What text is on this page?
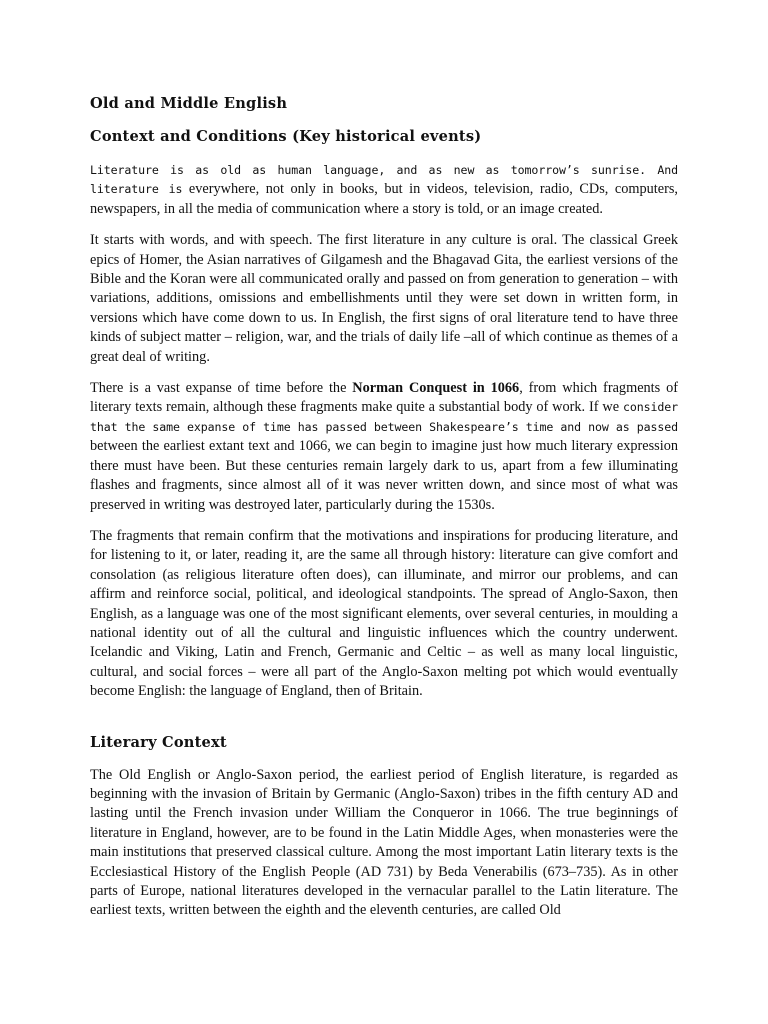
Old and Middle English
Context and Conditions (Key historical events)

Literature is as old as human language, and as new as tomorrow’s sunrise. And literature is everywhere, not only in books, but in videos, television, radio, CDs, computers, newspapers, in all the media of communication where a story is told, or an image created.

It starts with words, and with speech. The first literature in any culture is oral. The classical Greek epics of Homer, the Asian narratives of Gilgamesh and the Bhagavad Gita, the earliest versions of the Bible and the Koran were all communicated orally and passed on from generation to generation – with variations, additions, omissions and embellishments until they were set down in written form, in versions which have come down to us. In English, the first signs of oral literature tend to have three kinds of subject matter – religion, war, and the trials of daily life –all of which continue as themes of a great deal of writing.

There is a vast expanse of time before the Norman Conquest in 1066, from which fragments of literary texts remain, although these fragments make quite a substantial body of work. If we consider that the same expanse of time has passed between Shakespeare’s time and now as passed between the earliest extant text and 1066, we can begin to imagine just how much literary expression there must have been. But these centuries remain largely dark to us, apart from a few illuminating flashes and fragments, since almost all of it was never written down, and since most of what was preserved in writing was destroyed later, particularly during the 1530s.

The fragments that remain confirm that the motivations and inspirations for producing literature, and for listening to it, or later, reading it, are the same all through history: literature can give comfort and consolation (as religious literature often does), can illuminate, and mirror our problems, and can affirm and reinforce social, political, and ideological standpoints. The spread of Anglo-Saxon, then English, as a language was one of the most significant elements, over several centuries, in moulding a national identity out of all the cultural and linguistic influences which the country underwent. Icelandic and Viking, Latin and French, Germanic and Celtic – as well as many local linguistic, cultural, and social forces – were all part of the Anglo-Saxon melting pot which would eventually become English: the language of England, then of Britain.

Literary Context

The Old English or Anglo-Saxon period, the earliest period of English literature, is regarded as beginning with the invasion of Britain by Germanic (Anglo-Saxon) tribes in the fifth century AD and lasting until the French invasion under William the Conqueror in 1066. The true beginnings of literature in England, however, are to be found in the Latin Middle Ages, when monasteries were the main institutions that preserved classical culture. Among the most important Latin literary texts is the Ecclesiastical History of the English People (AD 731) by Beda Venerabilis (673–735). As in other parts of Europe, national literatures developed in the vernacular parallel to the Latin literature. The earliest texts, written between the eighth and the eleventh centuries, are called Old
